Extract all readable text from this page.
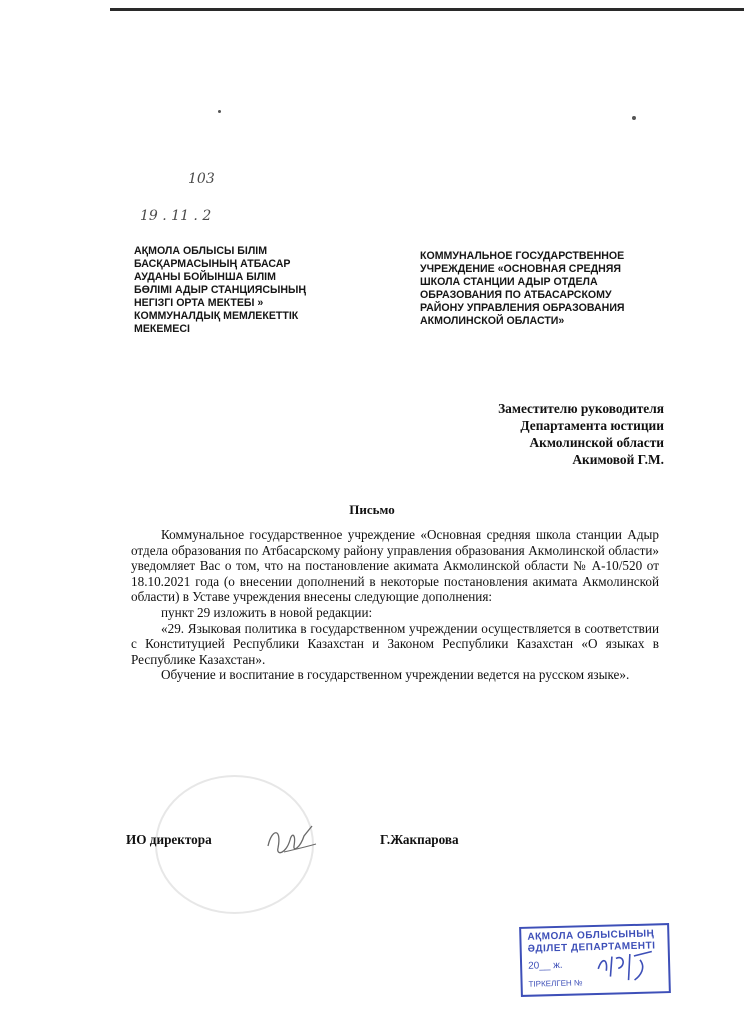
103
19 . 11 . 2
АҚМОЛА ОБЛЫСЫ БІЛІМ
БАСҚАРМАСЫНЫҢ АТБАСАР
АУДАНЫ БОЙЫНША БІЛІМ
БӨЛІМІ АДЫР СТАНЦИЯСЫНЫҢ
НЕГІЗГІ ОРТА МЕКТЕБІ »
КОММУНАЛДЫҚ МЕМЛЕКЕТТІК
МЕКЕМЕСІ
КОММУНАЛЬНОЕ ГОСУДАРСТВЕННОЕ
УЧРЕЖДЕНИЕ «ОСНОВНАЯ СРЕДНЯЯ
ШКОЛА СТАНЦИИ АДЫР ОТДЕЛА
ОБРАЗОВАНИЯ ПО АТБАСАРСКОМУ
РАЙОНУ УПРАВЛЕНИЯ ОБРАЗОВАНИЯ
АКМОЛИНСКОЙ ОБЛАСТИ»
Заместителю руководителя
Департамента юстиции
Акмолинской области
Акимовой Г.М.
Письмо

Коммунальное государственное учреждение «Основная средняя школа станции Адыр отдела образования по Атбасарскому району управления образования Акмолинской области» уведомляет Вас о том, что на постановление акимата Акмолинской области № А-10/520 от 18.10.2021 года (о внесении дополнений в некоторые постановления акимата Акмолинской области) в Уставе учреждения внесены следующие дополнения:

пункт 29 изложить в новой редакции:

«29. Языковая политика в государственном учреждении осуществляется в соответствии с Конституцией Республики Казахстан и Законом Республики Казахстан «О языках в Республике Казахстан».

Обучение и воспитание в государственном учреждении ведется на русском языке».

ИО директора	Г.Жакпарова
АҚМОЛА ОБЛЫСЫНЫҢ
ӘДІЛЕТ ДЕПАРТАМЕНТІ
20__ ж.
ТІРКЕЛГЕН №
